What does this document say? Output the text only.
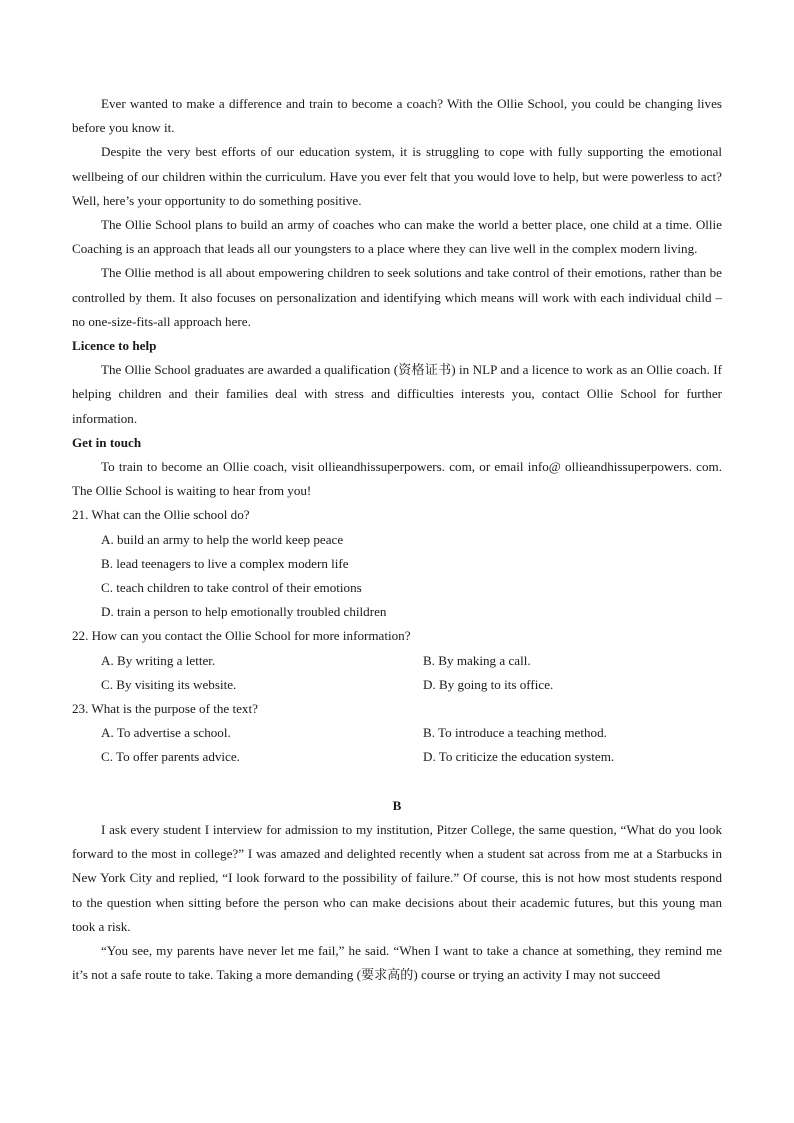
Ever wanted to make a difference and train to become a coach? With the Ollie School, you could be changing lives before you know it.

Despite the very best efforts of our education system, it is struggling to cope with fully supporting the emotional wellbeing of our children within the curriculum. Have you ever felt that you would love to help, but were powerless to act? Well, here’s your opportunity to do something positive.

The Ollie School plans to build an army of coaches who can make the world a better place, one child at a time. Ollie Coaching is an approach that leads all our youngsters to a place where they can live well in the complex modern living.

The Ollie method is all about empowering children to seek solutions and take control of their emotions, rather than be controlled by them. It also focuses on personalization and identifying which means will work with each individual child – no one-size-fits-all approach here.

Licence to help

The Ollie School graduates are awarded a qualification (资格证书) in NLP and a licence to work as an Ollie coach. If helping children and their families deal with stress and difficulties interests you, contact Ollie School for further information.

Get in touch

To train to become an Ollie coach, visit ollieandhissuperpowers. com, or email info@ ollieandhissuperpowers. com. The Ollie School is waiting to hear from you!

21. What can the Ollie school do?

A. build an army to help the world keep peace

B. lead teenagers to live a complex modern life

C. teach children to take control of their emotions

D. train a person to help emotionally troubled children

22. How can you contact the Ollie School for more information?

A. By writing a letter.	B. By making a call.
C. By visiting its website.	D. By going to its office.

23. What is the purpose of the text?

A. To advertise a school.	B. To introduce a teaching method.
C. To offer parents advice.	D. To criticize the education system.

B

I ask every student I interview for admission to my institution, Pitzer College, the same question, “What do you look forward to the most in college?” I was amazed and delighted recently when a student sat across from me at a Starbucks in New York City and replied, “I look forward to the possibility of failure.” Of course, this is not how most students respond to the question when sitting before the person who can make decisions about their academic futures, but this young man took a risk.

“You see, my parents have never let me fail,” he said. “When I want to take a chance at something, they remind me it’s not a safe route to take. Taking a more demanding (要求高的) course or trying an activity I may not succeed
